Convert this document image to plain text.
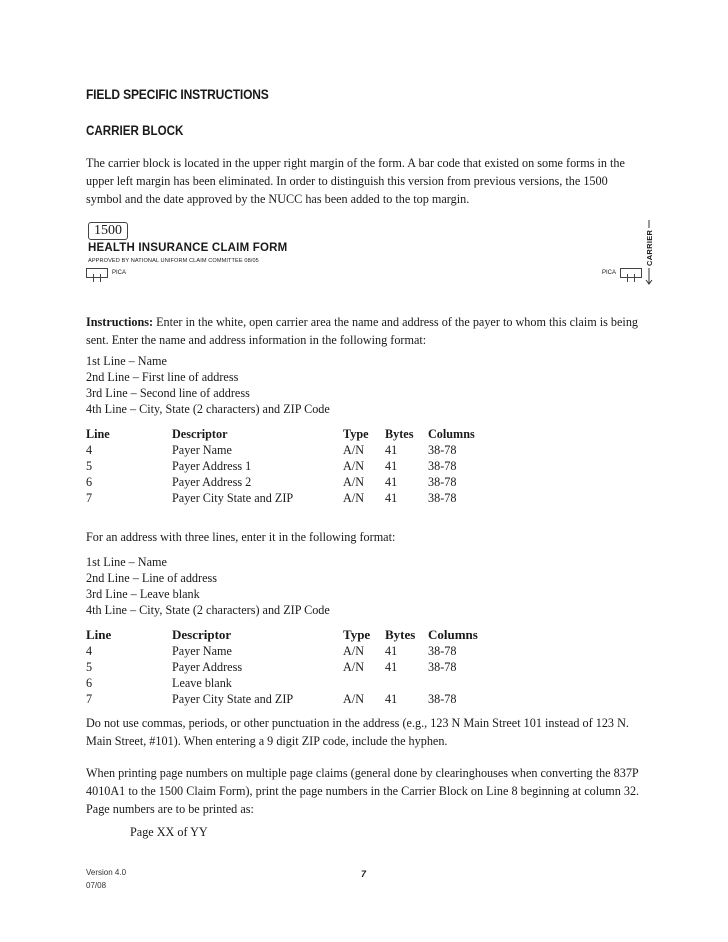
FIELD SPECIFIC INSTRUCTIONS
CARRIER BLOCK
The carrier block is located in the upper right margin of the form. A bar code that existed on some forms in the upper left margin has been eliminated. In order to distinguish this version from previous versions, the 1500 symbol and the date approved by the NUCC has been added to the top margin.
1500
HEALTH INSURANCE CLAIM FORM
APPROVED BY NATIONAL UNIFORM CLAIM COMMITTEE 08/05
PICA	PICA
CARRIER
Instructions: Enter in the white, open carrier area the name and address of the payer to whom this claim is being sent. Enter the name and address information in the following format:
1st Line – Name
2nd Line – First line of address
3rd Line – Second line of address
4th Line – City, State (2 characters) and ZIP Code
Line	Descriptor	Type	Bytes	Columns
4	Payer Name	A/N	41	38-78
5	Payer Address 1	A/N	41	38-78
6	Payer Address 2	A/N	41	38-78
7	Payer City State and ZIP	A/N	41	38-78
For an address with three lines, enter it in the following format:
1st Line – Name
2nd Line – Line of address
3rd Line – Leave blank
4th Line – City, State (2 characters) and ZIP Code
Line	Descriptor	Type	Bytes	Columns
4	Payer Name	A/N	41	38-78
5	Payer Address	A/N	41	38-78
6	Leave blank			
7	Payer City State and ZIP	A/N	41	38-78
Do not use commas, periods, or other punctuation in the address (e.g., 123 N Main Street 101 instead of 123 N. Main Street, #101). When entering a 9 digit ZIP code, include the hyphen.
When printing page numbers on multiple page claims (general done by clearinghouses when converting the 837P 4010A1 to the 1500 Claim Form), print the page numbers in the Carrier Block on Line 8 beginning at column 32. Page numbers are to be printed as:
Page XX of YY
Version 4.0
07/08
7
